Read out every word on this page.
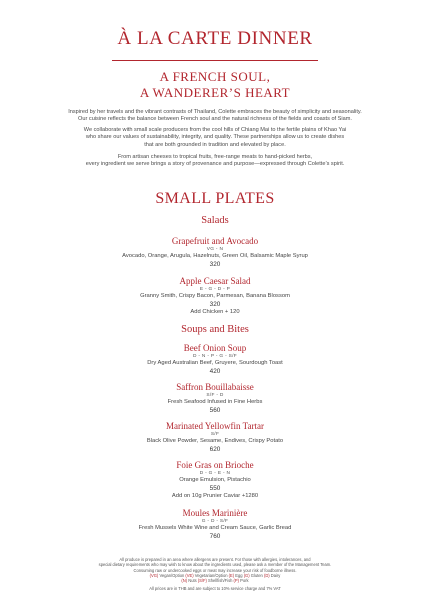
À LA CARTE DINNER
A FRENCH SOUL,
A WANDERER’S HEART

Inspired by her travels and the vibrant contrasts of Thailand, Colette embraces the beauty of simplicity and seasonality.

Our cuisine reflects the balance between French soul and the natural richness of the fields and coasts of Siam.

We collaborate with small scale producers from the cool hills of Chiang Mai to the fertile plains of Khao Yai

who share our values of sustainability, integrity, and quality. These partnerships allow us to create dishes

that are both grounded in tradition and elevated by place.

From artisan cheeses to tropical fruits, free-range meats to hand-picked herbs,

every ingredient we serve brings a story of provenance and purpose—expressed through Colette’s spirit.

SMALL PLATES
Salads
Grapefruit and Avocado
VG - N
Avocado, Orange, Arugula, Hazelnuts, Green Oil, Balsamic Maple Syrup
320
Apple Caesar Salad
E - G - D - P
Granny Smith, Crispy Bacon, Parmesan, Banana Blossom
320
Add Chicken + 120
Soups and Bites
Beef Onion Soup
D - N - P - G - S/F
Dry Aged Australian Beef, Gruyere, Sourdough Toast
420
Saffron Bouillabaisse
S/F - D
Fresh Seafood Infused in Fine Herbs
560
Marinated Yellowfin Tartar
S/F
Black Olive Powder, Sesame, Endives, Crispy Potato
620
Foie Gras on Brioche
D - G - E - N
Orange Emulsion, Pistachio
550
Add on 10g Prunier Caviar +1280
Moules Marinière
G - D - S/F
Fresh Mussels White Wine and Cream Sauce, Garlic Bread
760
All produce is prepared in an area where allergens are present. For those with allergies, intolerances, and
special dietary requirements who may wish to know about the ingredients used, please ask a member of the Management Team.
Consuming raw or undercooked eggs or meat may increase your risk of foodborne illness.
(VG) Vegan/Option (VE) Vegetarian/Option (E) Egg (G) Gluten (D) Dairy
(N) Nuts (S/F) Shellfish/Fish (P) Pork
All prices are in THB and are subject to 10% service charge and 7% VAT
